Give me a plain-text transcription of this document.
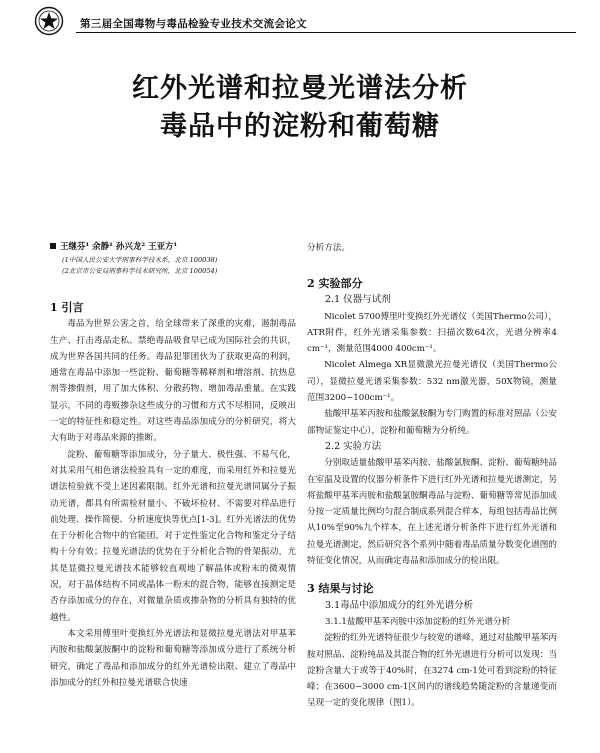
第三届全国毒物与毒品检验专业技术交流会论文
红外光谱和拉曼光谱法分析
毒品中的淀粉和葡萄糖
王继芬¹ 余静¹ 孙兴龙² 王亚方¹
(1中国人民公安大学刑事科学技术系，北京 100038)
(2北京市公安局刑事科学技术研究所，北京 100054)
分析方法。
1 引言
毒品为世界公害之首，给全球带来了深重的灾难，遏制毒品生产、打击毒品走私、禁绝毒品吸食早已成为国际社会的共识，成为世界各国共同的任务。毒品犯罪团伙为了获取更高的利润，通常在毒品中添加一些淀粉、葡萄糖等稀释剂和增溶剂、抗热息剂等掺假剂，用了加大体积、分散药物、增加毒品重量。在实践显示，不同的毒贩掺杂这些成分的习惯和方式不尽相同，反映出一定的特征性和稳定性。对这些毒品添加成分的分析研究，将大大有助于对毒品来源的推断。
淀粉、葡萄糖等添加成分，分子量大、极性强、不易气化，对其采用气相色谱法检验具有一定的难度，而采用红外和拉曼光谱法检验就不受上述因素限制。红外光谱和拉曼光谱同属分子振动光谱，都具有所需检材量小、不破坏检材、不需要对样品进行前处理、操作简便、分析速度快等优点[1-3]。红外光谱法的优势在于分析化合物中的官能团，对于定性鉴定化合物和鉴定分子结构十分有效；拉曼光谱法的优势在于分析化合物的骨架振动，尤其是显微拉曼光谱技术能够较直观地了解晶体或粉末的微观情况，对于晶体结构不同或晶体一粉末的混合物，能够直接测定是否存添加成分的存在，对微量杂质或掺杂物的分析具有独特的优越性。
本文采用傅里叶变换红外光谱法和显微拉曼光谱法对甲基苯丙胺和盐酸氯胺酮中的淀粉和葡萄糖等添加成分进行了系统分析研究，确定了毒品和添加成分的红外光谱检出限、建立了毒品中添加成分的红外和拉曼光谱联合快速
2 实验部分
2.1 仪器与试剂
Nicolet 5700傅里叶变换红外光谱仪（美国Thermo公司），ATR附件，红外光谱采集参数：扫描次数64次，光谱分辨率4 cm⁻¹，测量范围4000 400cm⁻¹。
Nicolet Almega XR显微激光拉曼光谱仪（美国Thermo公司），显微拉曼光谱采集参数：532 nm激光器，50X物镜，测量范围3200~100cm⁻¹。
盐酸甲基苯丙胺和盐酸氯胺酮为专门购置的标准对照品（公安部物证鉴定中心），淀粉和葡萄糖为分析纯。
2.2 实验方法
分别取适量盐酸甲基苯丙胺、盐酸氯胺酮、淀粉、葡萄糖纯品在室温及设置的仪器分析条件下进行红外光谱和拉曼光谱测定，另将盐酸甲基苯丙胺和盐酸氯胺酮毒品与淀粉、葡萄糖等常见添加成分按一定质量比例均匀混合制成系列混合样本，每组包括毒品比例从10%至90%九个样本，在上述光谱分析条件下进行红外光谱和拉曼光谱测定，然后研究各个系列中随着毒品质量分数变化谱图的特征变化情况，从而确定毒品和添加成分的检出限。
3 结果与讨论
3.1毒品中添加成分的红外光谱分析
3.1.1盐酸甲基苯丙胺中添加淀粉的红外光谱分析
淀粉的红外光谱特征很少与较宽的谱峰，通过对盐酸甲基苯丙胺对照品、淀粉纯品及其混合物的红外光谱进行分析可以发现：当淀粉含量大于或等于40%时，在3274 cm-1处可看到淀粉的特征峰；在3600~3000 cm-1区间内的谱线趋势随淀粉的含量递变而呈现一定的变化规律（图1）。
